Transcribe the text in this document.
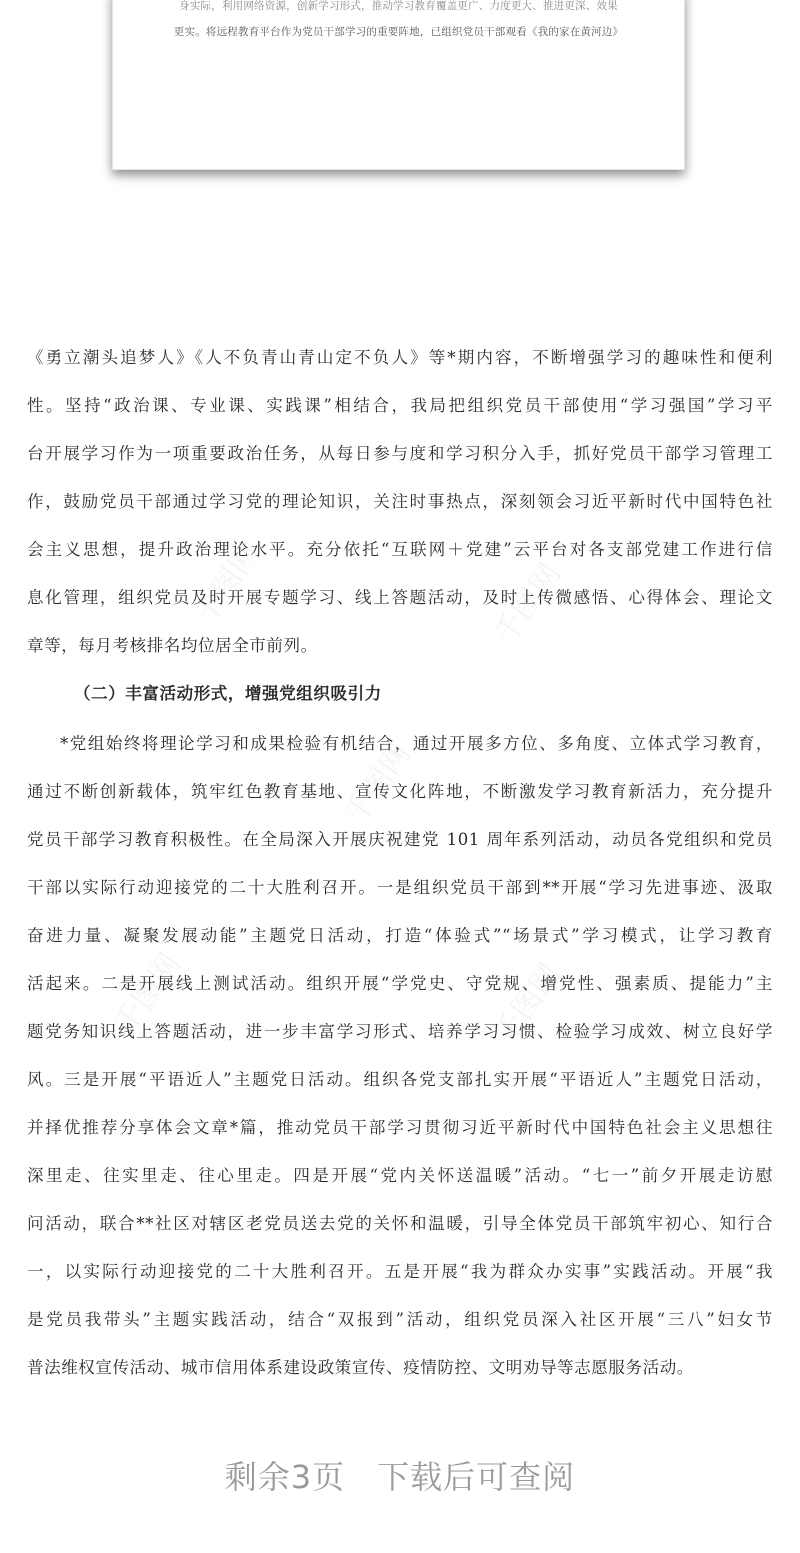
身实际，利用网络资源，创新学习形式，推动学习教育覆盖更广、力度更大、推进更深、效果
更实。将远程教育平台作为党员干部学习的重要阵地，已组织党员干部观看《我的家在黄河边》
千图网	千图网
千图网
千图网	千图网
《勇立潮头追梦人》《人不负青山青山定不负人》等*期内容，不断增强学习的趣味性和便利
性。坚持“政治课、专业课、实践课”相结合，我局把组织党员干部使用“学习强国”学习平
台开展学习作为一项重要政治任务，从每日参与度和学习积分入手，抓好党员干部学习管理工
作，鼓励党员干部通过学习党的理论知识，关注时事热点，深刻领会习近平新时代中国特色社
会主义思想，提升政治理论水平。充分依托“互联网＋党建”云平台对各支部党建工作进行信
息化管理，组织党员及时开展专题学习、线上答题活动，及时上传微感悟、心得体会、理论文
章等，每月考核排名均位居全市前列。
（二）丰富活动形式，增强党组织吸引力
*党组始终将理论学习和成果检验有机结合，通过开展多方位、多角度、立体式学习教育，
通过不断创新载体，筑牢红色教育基地、宣传文化阵地，不断激发学习教育新活力，充分提升
党员干部学习教育积极性。在全局深入开展庆祝建党 101 周年系列活动，动员各党组织和党员
干部以实际行动迎接党的二十大胜利召开。一是组织党员干部到**开展“学习先进事迹、汲取
奋进力量、凝聚发展动能”主题党日活动，打造“体验式”“场景式”学习模式，让学习教育
活起来。二是开展线上测试活动。组织开展“学党史、守党规、增党性、强素质、提能力”主
题党务知识线上答题活动，进一步丰富学习形式、培养学习习惯、检验学习成效、树立良好学
风。三是开展“平语近人”主题党日活动。组织各党支部扎实开展“平语近人”主题党日活动，
并择优推荐分享体会文章*篇，推动党员干部学习贯彻习近平新时代中国特色社会主义思想往
深里走、往实里走、往心里走。四是开展“党内关怀送温暖”活动。“七一”前夕开展走访慰
问活动，联合**社区对辖区老党员送去党的关怀和温暖，引导全体党员干部筑牢初心、知行合
一，以实际行动迎接党的二十大胜利召开。五是开展“我为群众办实事”实践活动。开展“我
是党员我带头”主题实践活动，结合“双报到”活动，组织党员深入社区开展“三八”妇女节
普法维权宣传活动、城市信用体系建设政策宣传、疫情防控、文明劝导等志愿服务活动。
剩余3页 下载后可查阅
